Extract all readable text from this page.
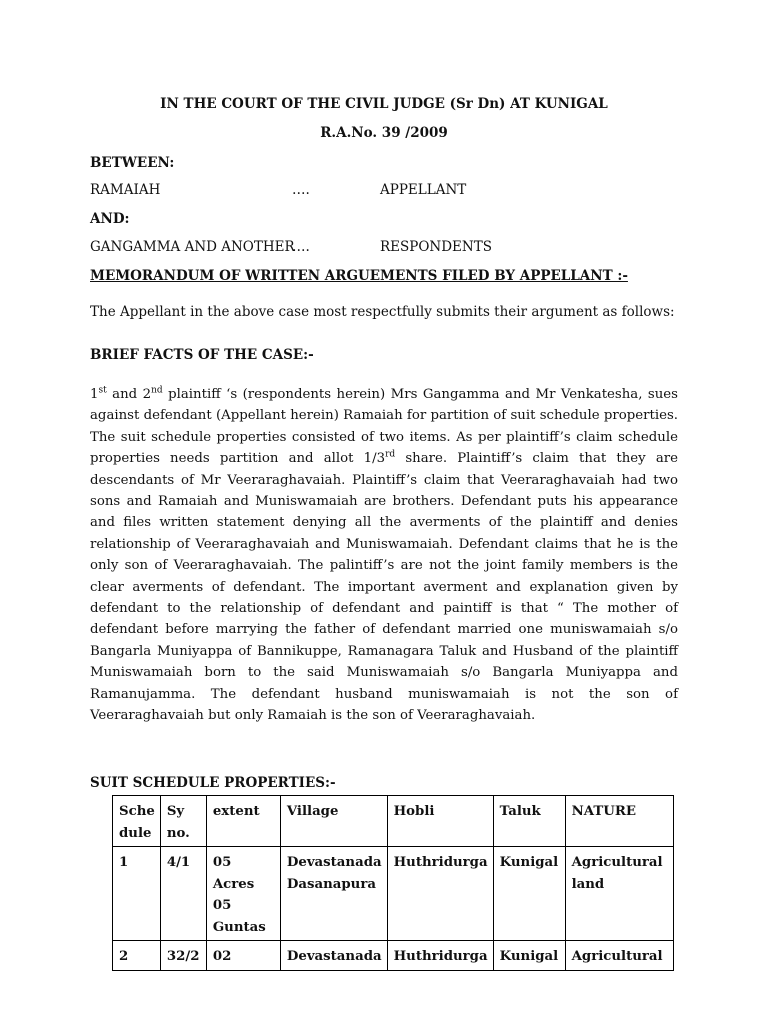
IN THE COURT OF THE CIVIL JUDGE (Sr Dn) AT KUNIGAL
R.A.No. 39 /2009
BETWEEN:
RAMAIAH	….	APPELLANT
AND:
GANGAMMA AND ANOTHER
….	RESPONDENTS
MEMORANDUM OF WRITTEN ARGUEMENTS FILED BY APPELLANT :-
The Appellant in the above case most respectfully submits their argument as follows:
BRIEF FACTS OF THE CASE:-
1st and 2nd plaintiff ‘s (respondents herein) Mrs Gangamma and Mr Venkatesha, sues against defendant (Appellant herein) Ramaiah for partition of suit schedule properties. The suit schedule properties consisted of two items. As per plaintiff’s claim schedule properties needs partition and allot 1/3rd share. Plaintiff’s claim that they are descendants of Mr Veeraraghavaiah. Plaintiff’s claim that Veeraraghavaiah had two sons and Ramaiah and Muniswamaiah are brothers. Defendant puts his appearance and files written statement denying all the averments of the plaintiff and denies relationship of Veeraraghavaiah and Muniswamaiah. Defendant claims that he is the only son of Veeraraghavaiah. The palintiff’s are not the joint family members is the clear averments of defendant. The important averment and explanation given by defendant to the relationship of defendant and paintiff is that “ The mother of defendant before marrying the father of defendant married one muniswamaiah s/o Bangarla Muniyappa of Bannikuppe, Ramanagara Taluk and Husband of the plaintiff Muniswamaiah born to the said Muniswamaiah s/o Bangarla Muniyappa and Ramanujamma. The defendant husband muniswamaiah is not the son of Veeraraghavaiah but only Ramaiah is the son of Veeraraghavaiah.
SUIT SCHEDULE PROPERTIES:-
Sche dule	Sy no.	extent	Village	Hobli	Taluk	NATURE
1	4/1	05 Acres 05 Guntas	Devastanada Dasanapura	Huthridurga	Kunigal	Agricultural land
2	32/2	02	Devastanada	Huthridurga	Kunigal	Agricultural
